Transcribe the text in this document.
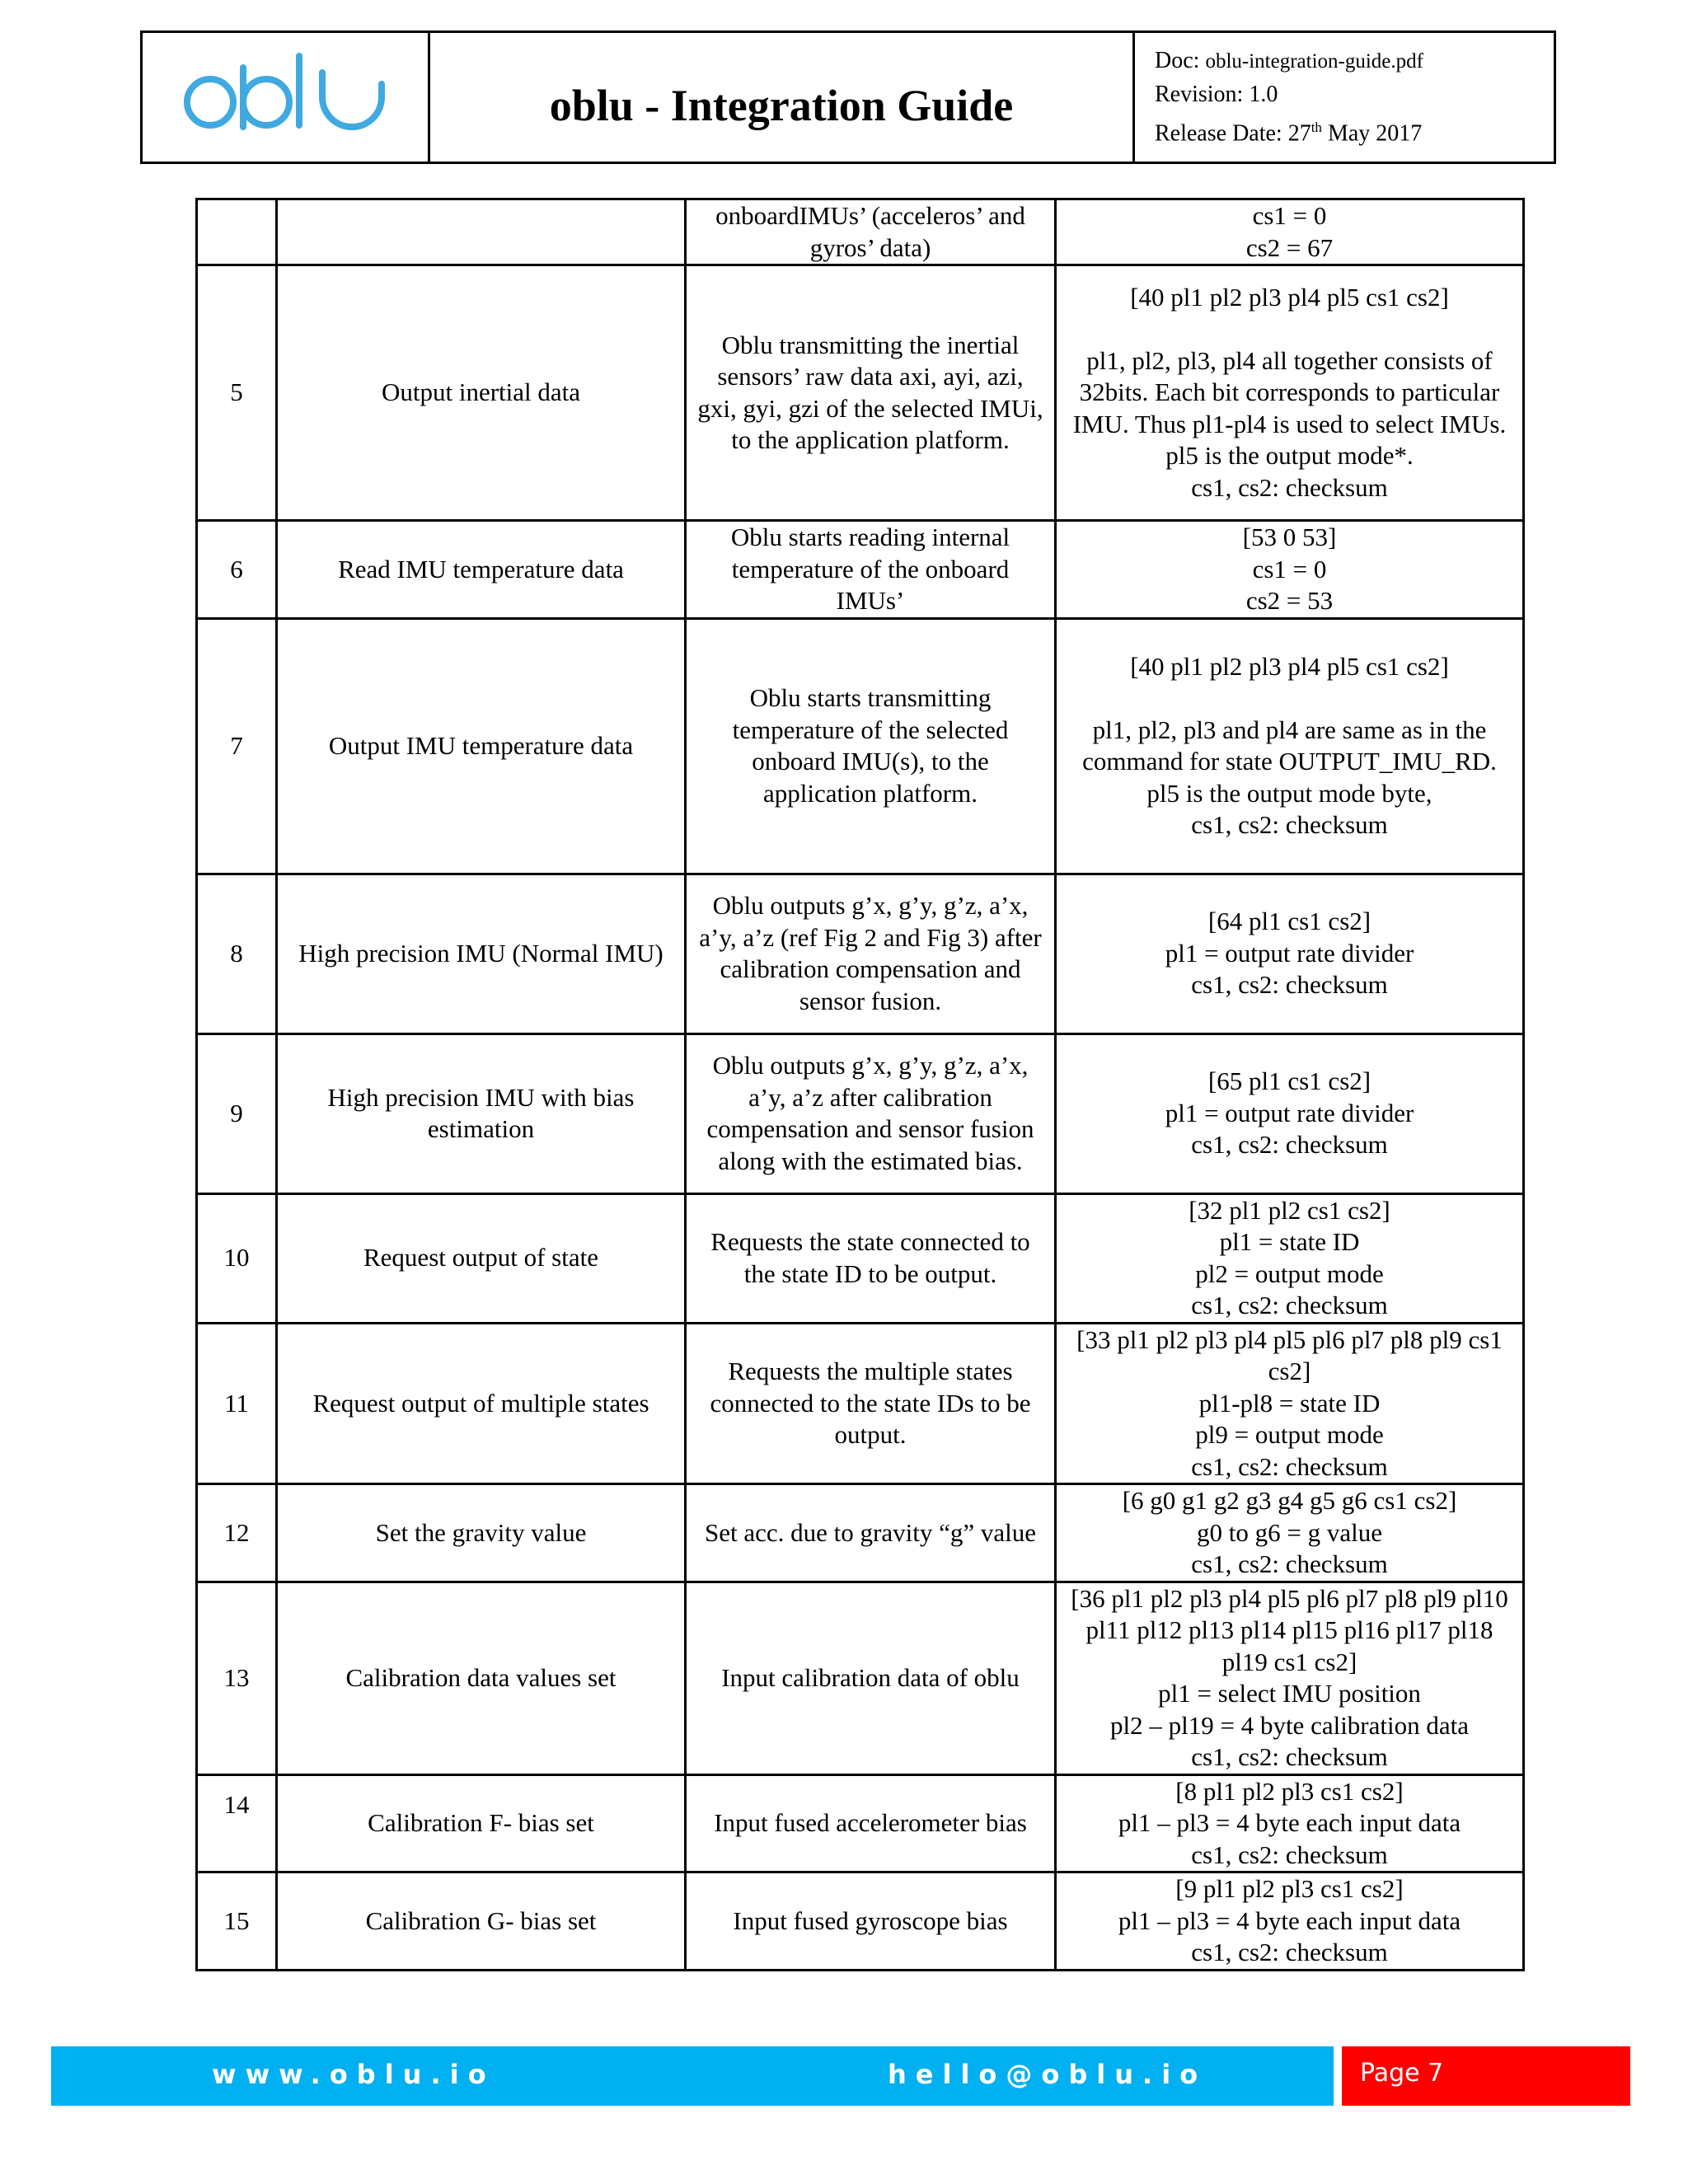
oblu - Integration Guide
Doc: oblu-integration-guide.pdf
Revision: 1.0
Release Date: 27th May 2017
		onboardIMUs’ (acceleros’ and gyros’ data)	cs1 = 0
cs2 = 67
5	Output inertial data	Oblu transmitting the inertial sensors’ raw data axi, ayi, azi, gxi, gyi, gzi of the selected IMUi, to the application platform.	[40 pl1 pl2 pl3 pl4 pl5 cs1 cs2]

pl1, pl2, pl3, pl4 all together consists of 32bits. Each bit corresponds to particular IMU. Thus pl1-pl4 is used to select IMUs. pl5 is the output mode*.
cs1, cs2: checksum
6	Read IMU temperature data	Oblu starts reading internal temperature of the onboard IMUs’	[53 0 53]
cs1 = 0
cs2 = 53
7	Output IMU temperature data	Oblu starts transmitting temperature of the selected onboard IMU(s), to the application platform.	[40 pl1 pl2 pl3 pl4 pl5 cs1 cs2]

pl1, pl2, pl3 and pl4 are same as in the command for state OUTPUT_IMU_RD. pl5 is the output mode byte,
cs1, cs2: checksum
8	High precision IMU (Normal IMU)	Oblu outputs g’x, g’y, g’z, a’x, a’y, a’z (ref Fig 2 and Fig 3) after calibration compensation and sensor fusion.	[64 pl1 cs1 cs2]
pl1 = output rate divider
cs1, cs2: checksum
9	High precision IMU with bias estimation	Oblu outputs g’x, g’y, g’z, a’x, a’y, a’z after calibration compensation and sensor fusion along with the estimated bias.	[65 pl1 cs1 cs2]
pl1 = output rate divider
cs1, cs2: checksum
10	Request output of state	Requests the state connected to the state ID to be output.	[32 pl1 pl2 cs1 cs2]
pl1 = state ID
pl2 = output mode
cs1, cs2: checksum
11	Request output of multiple states	Requests the multiple states connected to the state IDs to be output.	[33 pl1 pl2 pl3 pl4 pl5 pl6 pl7 pl8 pl9 cs1 cs2]
pl1-pl8 = state ID
pl9 = output mode
cs1, cs2: checksum
12	Set the gravity value	Set acc. due to gravity “g” value	[6 g0 g1 g2 g3 g4 g5 g6 cs1 cs2]
g0 to g6 = g value
cs1, cs2: checksum
13	Calibration data values set	Input calibration data of oblu	[36 pl1 pl2 pl3 pl4 pl5 pl6 pl7 pl8 pl9 pl10 pl11 pl12 pl13 pl14 pl15 pl16 pl17 pl18 pl19 cs1 cs2]
pl1 = select IMU position
pl2 – pl19 = 4 byte calibration data
cs1, cs2: checksum
14	Calibration F- bias set	Input fused accelerometer bias	[8 pl1 pl2 pl3 cs1 cs2]
pl1 – pl3 = 4 byte each input data
cs1, cs2: checksum
15	Calibration G- bias set	Input fused gyroscope bias	[9 pl1 pl2 pl3 cs1 cs2]
pl1 – pl3 = 4 byte each input data
cs1, cs2: checksum
www.oblu.io	hello@oblu.io	Page 7
